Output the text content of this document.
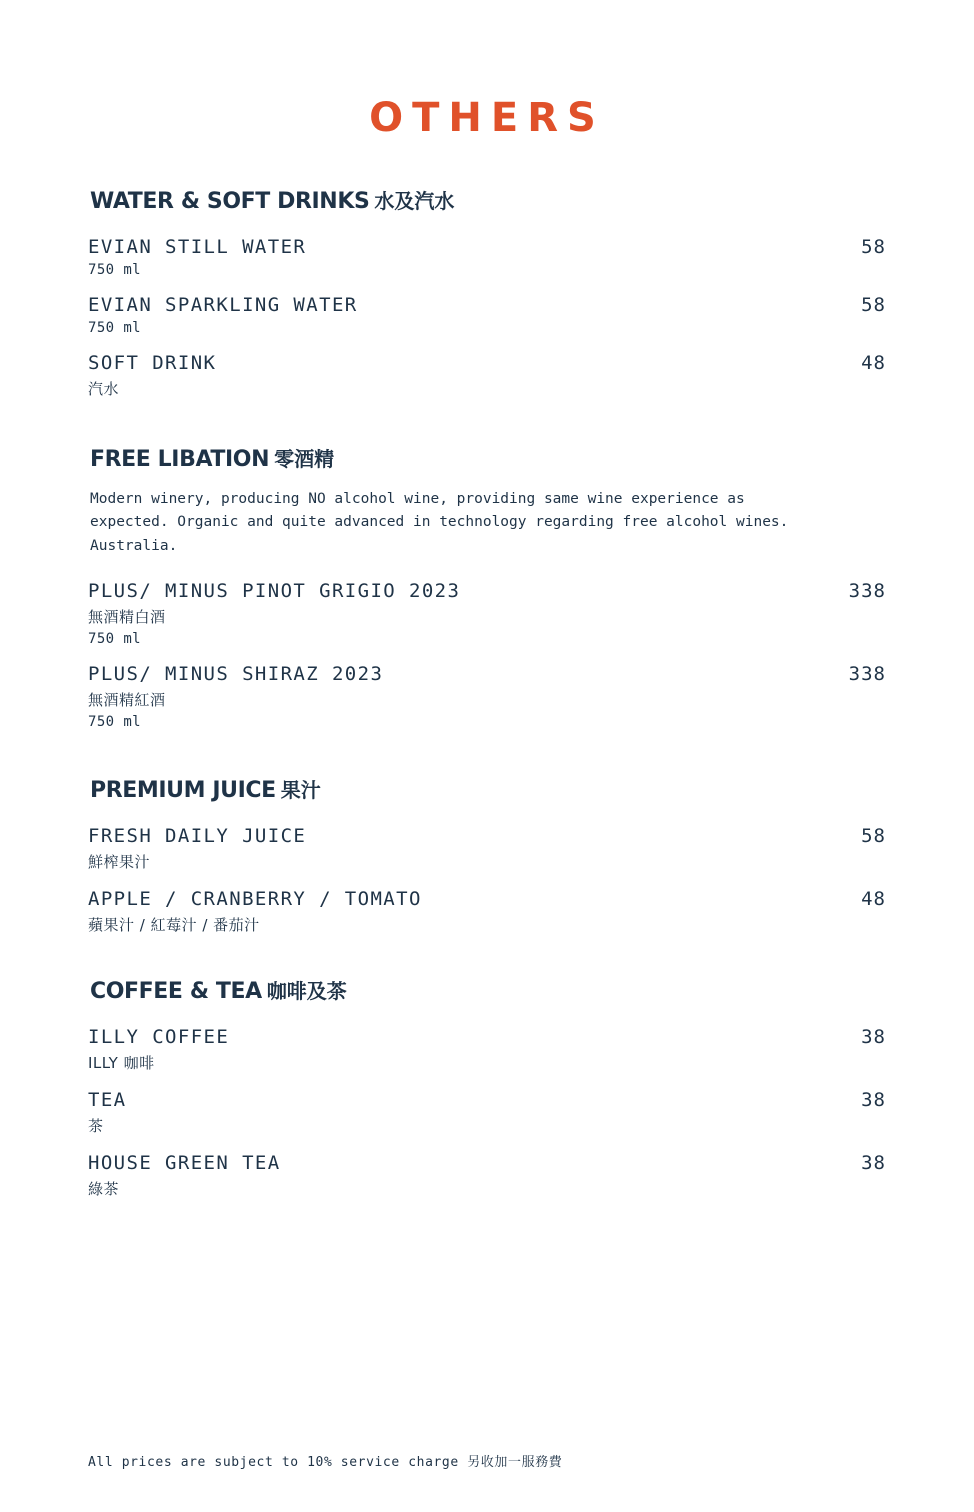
OTHERS
WATER & SOFT DRINKS 水及汽水
EVIAN STILL WATER	58
750 ml
EVIAN SPARKLING WATER	58
750 ml
SOFT DRINK	48
汽水
FREE LIBATION 零酒精

Modern winery, producing NO alcohol wine, providing same wine experience as expected. Organic and quite advanced in technology regarding free alcohol wines. Australia.

PLUS/ MINUS PINOT GRIGIO 2023	338
無酒精白酒
750 ml
PLUS/ MINUS SHIRAZ 2023	338
無酒精紅酒
750 ml
PREMIUM JUICE 果汁
FRESH DAILY JUICE	58
鮮榨果汁
APPLE / CRANBERRY / TOMATO	48
蘋果汁 / 紅莓汁 / 番茄汁
COFFEE & TEA 咖啡及茶
ILLY COFFEE	38
ILLY 咖啡
TEA	38
茶
HOUSE GREEN TEA	38
綠茶
All prices are subject to 10% service charge 另收加一服務費
